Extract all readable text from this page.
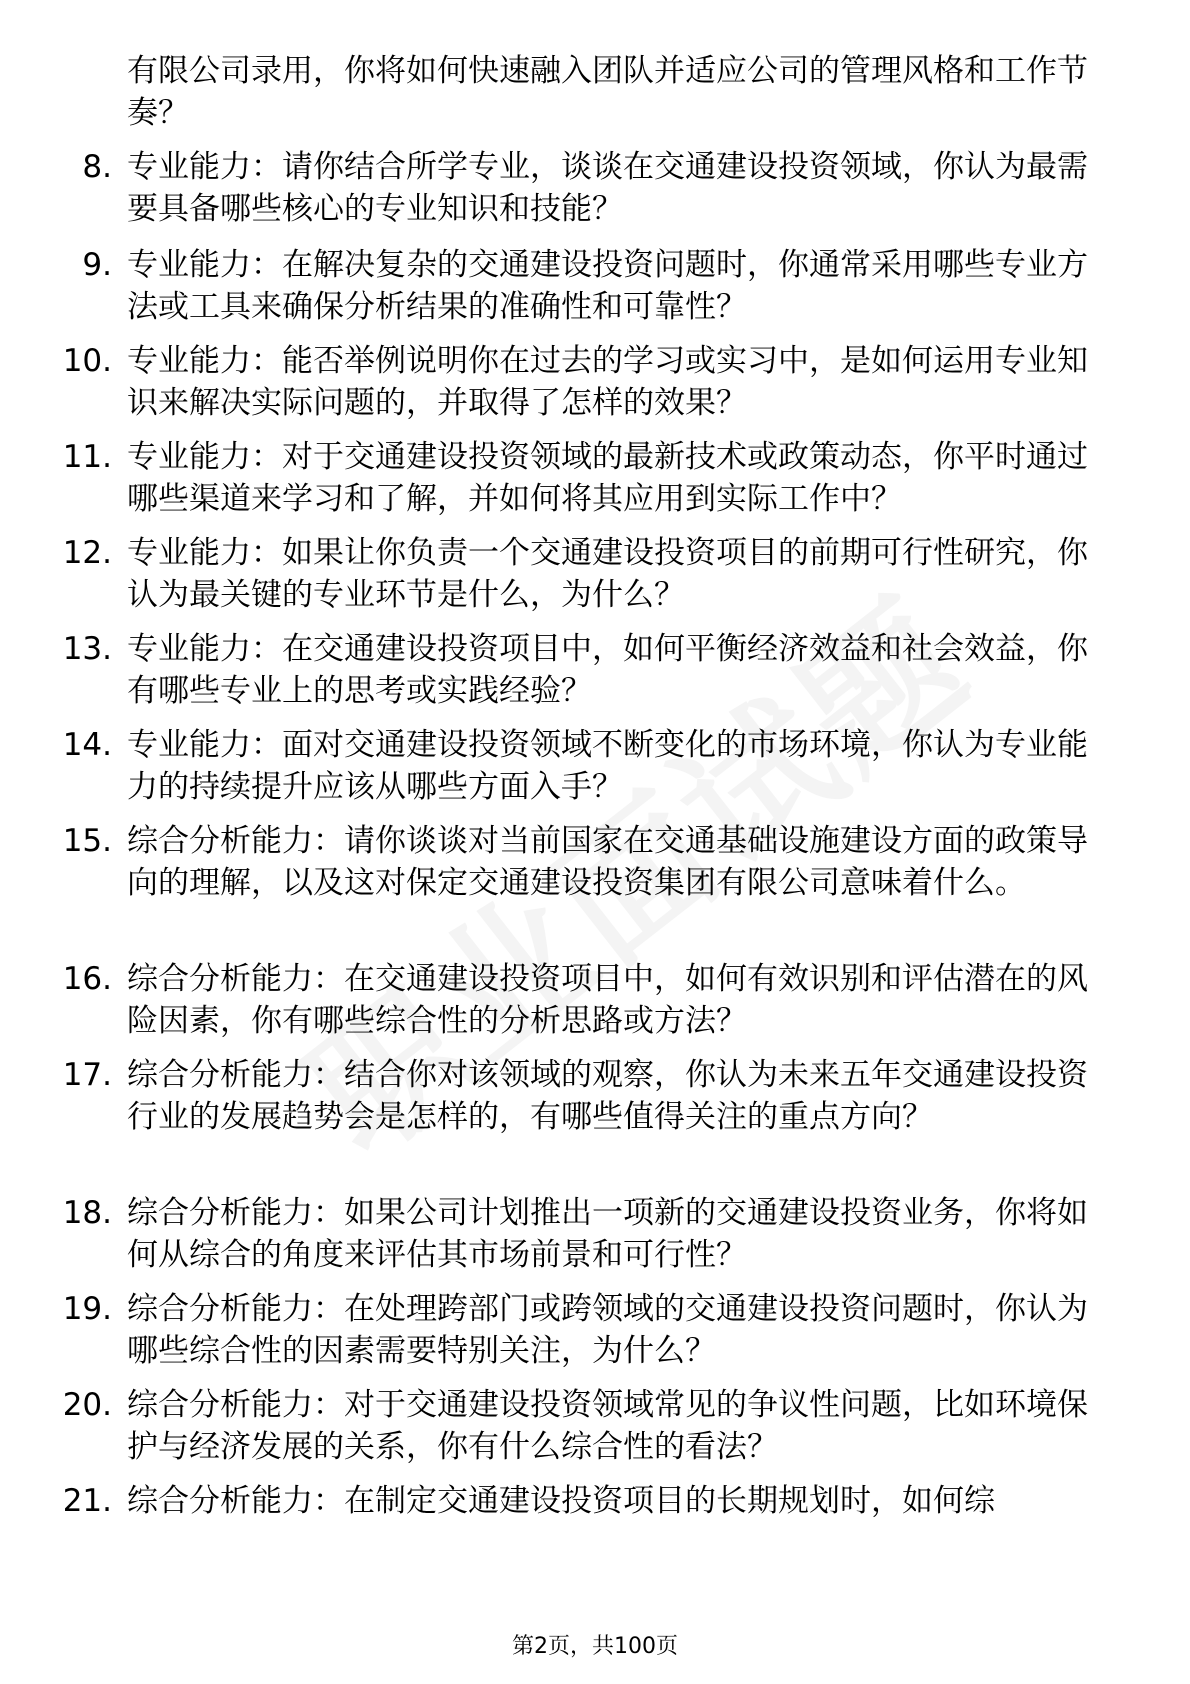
有限公司录用，你将如何快速融入团队并适应公司的管理风格和工作节奏？
8. 专业能力：请你结合所学专业，谈谈在交通建设投资领域，你认为最需要具备哪些核心的专业知识和技能？
9. 专业能力：在解决复杂的交通建设投资问题时，你通常采用哪些专业方法或工具来确保分析结果的准确性和可靠性？
10. 专业能力：能否举例说明你在过去的学习或实习中，是如何运用专业知识来解决实际问题的，并取得了怎样的效果？
11. 专业能力：对于交通建设投资领域的最新技术或政策动态，你平时通过哪些渠道来学习和了解，并如何将其应用到实际工作中？
12. 专业能力：如果让你负责一个交通建设投资项目的前期可行性研究，你认为最关键的专业环节是什么，为什么？
13. 专业能力：在交通建设投资项目中，如何平衡经济效益和社会效益，你有哪些专业上的思考或实践经验？
14. 专业能力：面对交通建设投资领域不断变化的市场环境，你认为专业能力的持续提升应该从哪些方面入手？
15. 综合分析能力：请你谈谈对当前国家在交通基础设施建设方面的政策导向的理解，以及这对保定交通建设投资集团有限公司意味着什么。
16. 综合分析能力：在交通建设投资项目中，如何有效识别和评估潜在的风险因素，你有哪些综合性的分析思路或方法？
17. 综合分析能力：结合你对该领域的观察，你认为未来五年交通建设投资行业的发展趋势会是怎样的，有哪些值得关注的重点方向？
18. 综合分析能力：如果公司计划推出一项新的交通建设投资业务，你将如何从综合的角度来评估其市场前景和可行性？
19. 综合分析能力：在处理跨部门或跨领域的交通建设投资问题时，你认为哪些综合性的因素需要特别关注，为什么？
20. 综合分析能力：对于交通建设投资领域常见的争议性问题，比如环境保护与经济发展的关系，你有什么综合性的看法？
21. 综合分析能力：在制定交通建设投资项目的长期规划时，如何综
第2页，共100页
